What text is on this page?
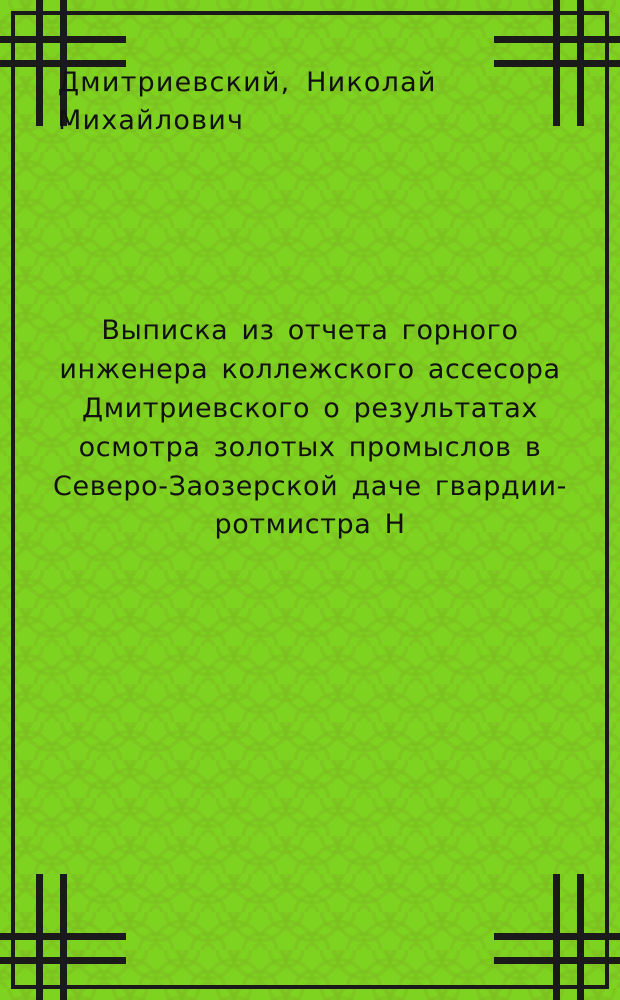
Дмитриевский, Николай Михайлович
Выписка из отчета горного инженера коллежского ассесора Дмитриевского о результатах осмотра золотых промыслов в Северо-Заозерской даче гвардии-ротмистра Н
